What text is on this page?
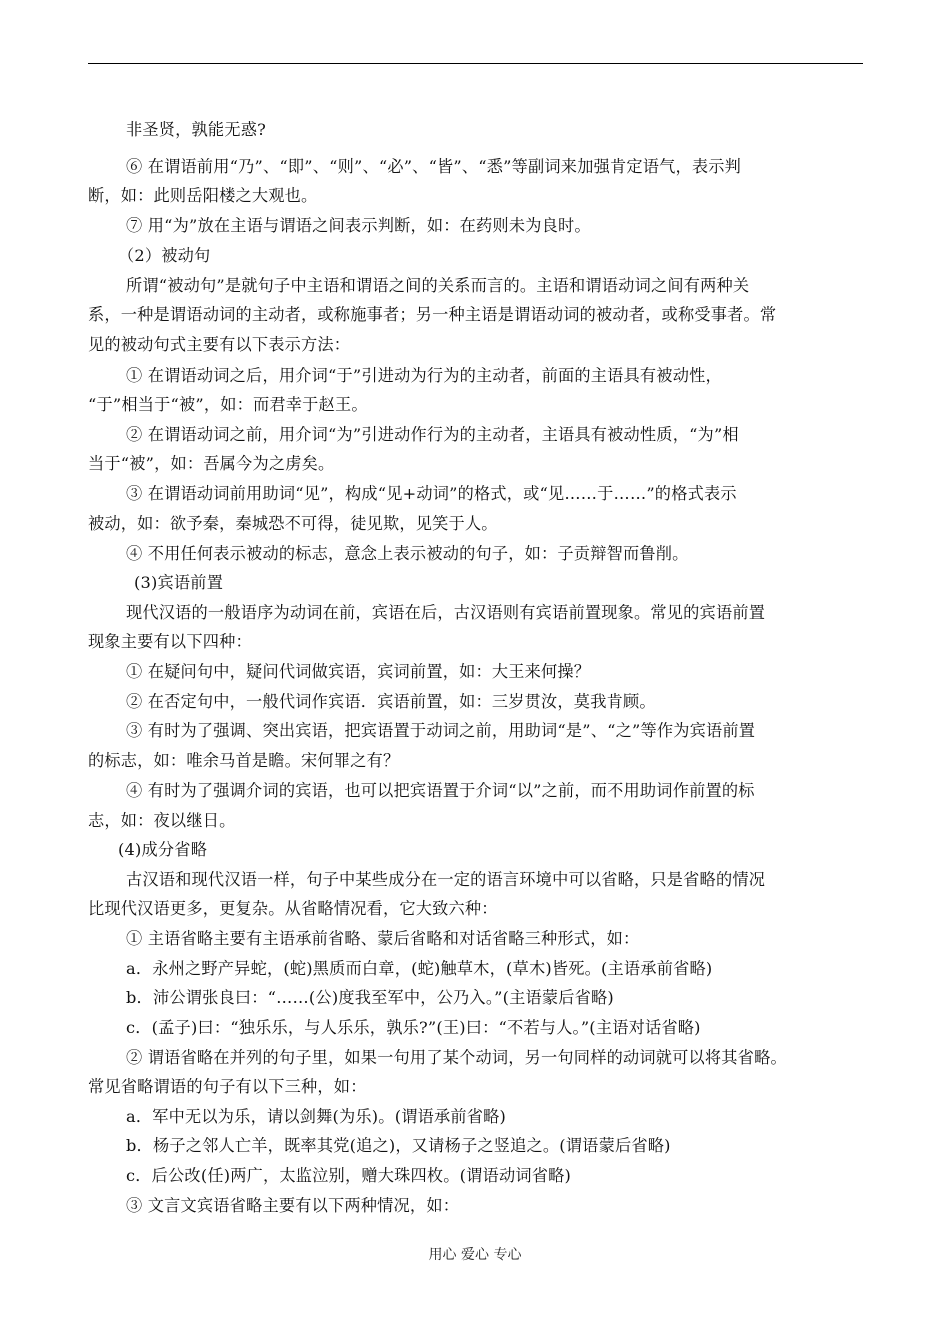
非圣贤，孰能无惑?
⑥ 在谓语前用“乃”、“即”、“则”、“必”、“皆”、“悉”等副词来加强肯定语气，表示判
断，如：此则岳阳楼之大观也。
⑦ 用“为”放在主语与谓语之间表示判断，如：在药则未为良时。
（2）被动句
所谓“被动句”是就句子中主语和谓语之间的关系而言的。主语和谓语动词之间有两种关
系，一种是谓语动词的主动者，或称施事者；另一种主语是谓语动词的被动者，或称受事者。常
见的被动句式主要有以下表示方法：
① 在谓语动词之后，用介词“于”引进动为行为的主动者，前面的主语具有被动性，
“于”相当于“被”，如：而君幸于赵王。
② 在谓语动词之前，用介词“为”引进动作行为的主动者，主语具有被动性质，“为”相
当于“被”，如：吾属今为之虏矣。
③ 在谓语动词前用助词“见”，构成“见+动词”的格式，或“见……于……”的格式表示
被动，如：欲予秦，秦城恐不可得，徒见欺，见笑于人。
④ 不用任何表示被动的标志，意念上表示被动的句子，如：子贡辩智而鲁削。
(3)宾语前置
现代汉语的一般语序为动词在前，宾语在后，古汉语则有宾语前置现象。常见的宾语前置
现象主要有以下四种：
① 在疑问句中，疑问代词做宾语，宾词前置，如：大王来何操？
② 在否定句中，一般代词作宾语．宾语前置，如：三岁贯汝，莫我肯顾。
③ 有时为了强调、突出宾语，把宾语置于动词之前，用助词“是”、“之”等作为宾语前置
的标志，如：唯余马首是瞻。宋何罪之有？
④ 有时为了强调介词的宾语，也可以把宾语置于介词“以”之前，而不用助词作前置的标
志，如：夜以继日。
(4)成分省略
古汉语和现代汉语一样，句子中某些成分在一定的语言环境中可以省略，只是省略的情况
比现代汉语更多，更复杂。从省略情况看，它大致六种：
① 主语省略主要有主语承前省略、蒙后省略和对话省略三种形式，如：
a．永州之野产异蛇，(蛇)黑质而白章，(蛇)触草木，(草木)皆死。(主语承前省略)
b．沛公谓张良曰：“……(公)度我至军中，公乃入。”(主语蒙后省略)
c．(孟子)曰：“独乐乐，与人乐乐，孰乐?”(王)曰：“不若与人。”(主语对话省略)
② 谓语省略在并列的句子里，如果一句用了某个动词，另一句同样的动词就可以将其省略。
常见省略谓语的句子有以下三种，如：
a．军中无以为乐，请以剑舞(为乐)。(谓语承前省略)
b．杨子之邻人亡羊，既率其党(追之)，又请杨子之竖追之。(谓语蒙后省略)
c．后公改(任)两广，太监泣别，赠大珠四枚。(谓语动词省略)
③ 文言文宾语省略主要有以下两种情况，如：
用心 爱心 专心
